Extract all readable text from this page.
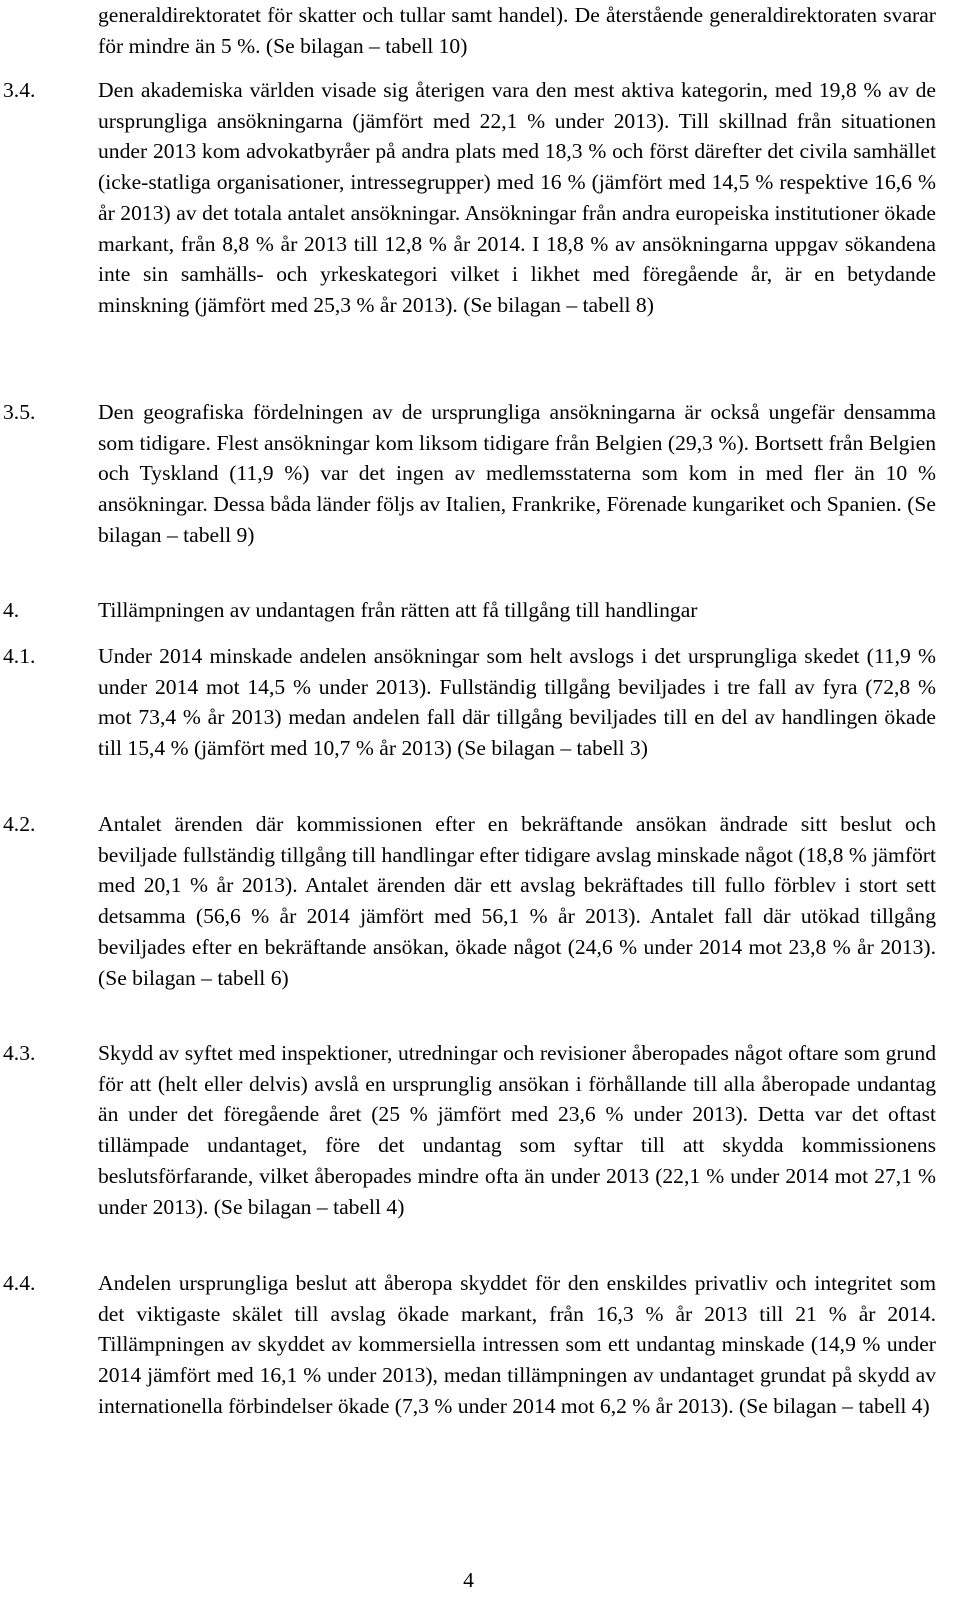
generaldirektoratet för skatter och tullar samt handel). De återstående generaldirektoraten svarar för mindre än 5 %. (Se bilagan – tabell 10)

3.4.	Den akademiska världen visade sig återigen vara den mest aktiva kategorin, med 19,8 % av de ursprungliga ansökningarna (jämfört med 22,1 % under 2013). Till skillnad från situationen under 2013 kom advokatbyråer på andra plats med 18,3 % och först därefter det civila samhället (icke-statliga organisationer, intressegrupper) med 16 % (jämfört med 14,5 % respektive 16,6 % år 2013) av det totala antalet ansökningar. Ansökningar från andra europeiska institutioner ökade markant, från 8,8 % år 2013 till 12,8 % år 2014. I 18,8 % av ansökningarna uppgav sökandena inte sin samhälls- och yrkeskategori vilket i likhet med föregående år, är en betydande minskning (jämfört med 25,3 % år 2013). (Se bilagan – tabell 8)

3.5.	Den geografiska fördelningen av de ursprungliga ansökningarna är också ungefär densamma som tidigare. Flest ansökningar kom liksom tidigare från Belgien (29,3 %). Bortsett från Belgien och Tyskland (11,9 %) var det ingen av medlemsstaterna som kom in med fler än 10 % ansökningar. Dessa båda länder följs av Italien, Frankrike, Förenade kungariket och Spanien. (Se bilagan – tabell 9)

4.	Tillämpningen av undantagen från rätten att få tillgång till handlingar

4.1.	Under 2014 minskade andelen ansökningar som helt avslogs i det ursprungliga skedet (11,9 % under 2014 mot 14,5 % under 2013). Fullständig tillgång beviljades i tre fall av fyra (72,8 % mot 73,4 % år 2013) medan andelen fall där tillgång beviljades till en del av handlingen ökade till 15,4 % (jämfört med 10,7 % år 2013) (Se bilagan – tabell 3)

4.2.	Antalet ärenden där kommissionen efter en bekräftande ansökan ändrade sitt beslut och beviljade fullständig tillgång till handlingar efter tidigare avslag minskade något (18,8 % jämfört med 20,1 % år 2013). Antalet ärenden där ett avslag bekräftades till fullo förblev i stort sett detsamma (56,6 % år 2014 jämfört med 56,1 % år 2013). Antalet fall där utökad tillgång beviljades efter en bekräftande ansökan, ökade något (24,6 % under 2014 mot 23,8 % år 2013). (Se bilagan – tabell 6)

4.3.	Skydd av syftet med inspektioner, utredningar och revisioner åberopades något oftare som grund för att (helt eller delvis) avslå en ursprunglig ansökan i förhållande till alla åberopade undantag än under det föregående året (25 % jämfört med 23,6 % under 2013). Detta var det oftast tillämpade undantaget, före det undantag som syftar till att skydda kommissionens beslutsförfarande, vilket åberopades mindre ofta än under 2013 (22,1 % under 2014 mot 27,1 % under 2013). (Se bilagan – tabell 4)

4.4.	Andelen ursprungliga beslut att åberopa skyddet för den enskildes privatliv och integritet som det viktigaste skälet till avslag ökade markant, från 16,3 % år 2013 till 21 % år 2014. Tillämpningen av skyddet av kommersiella intressen som ett undantag minskade (14,9 % under 2014 jämfört med 16,1 % under 2013), medan tillämpningen av undantaget grundat på skydd av internationella förbindelser ökade (7,3 % under 2014 mot 6,2 % år 2013). (Se bilagan – tabell 4)

4
